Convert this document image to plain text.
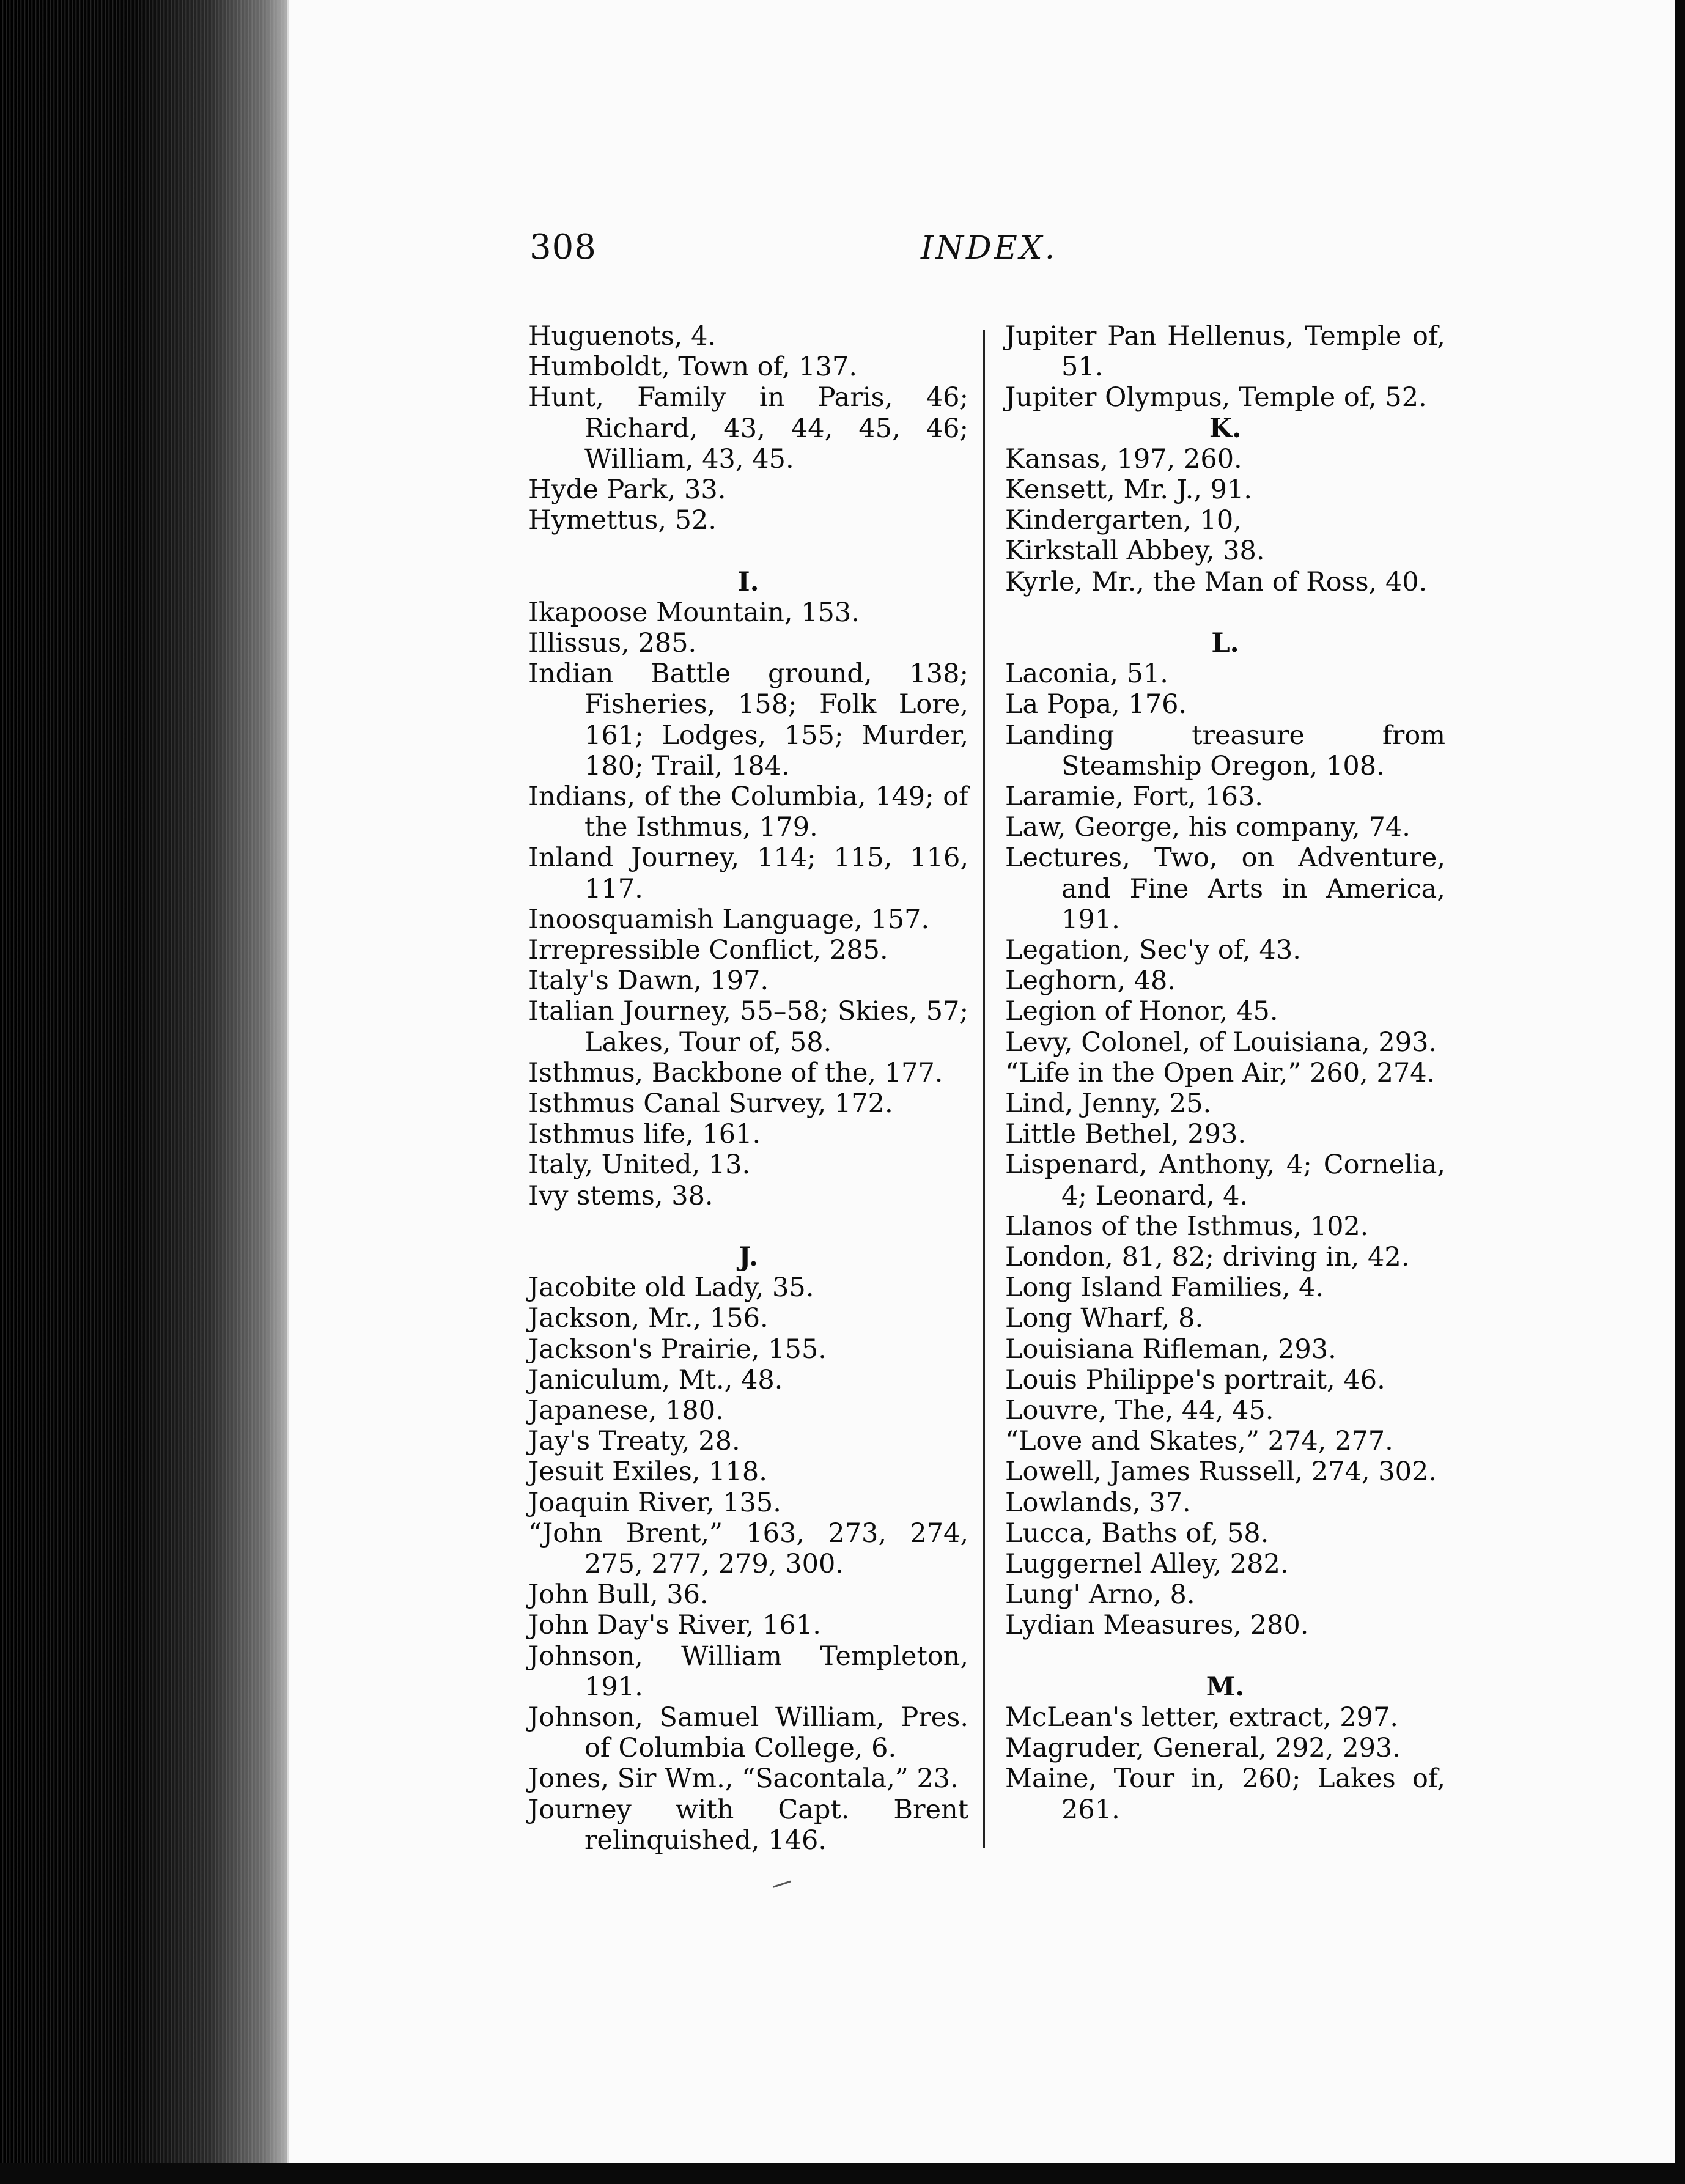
308	INDEX.

Huguenots, 4.

Humboldt, Town of, 137.

Hunt, Family in Paris, 46; Richard, 43, 44, 45, 46; William, 43, 45.

Hyde Park, 33.

Hymettus, 52.

I.

Ikapoose Mountain, 153.

Illissus, 285.

Indian Battle ground, 138; Fisheries, 158; Folk Lore, 161; Lodges, 155; Murder, 180; Trail, 184.

Indians, of the Columbia, 149; of the Isthmus, 179.

Inland Journey, 114; 115, 116, 117.

Inoosquamish Language, 157.

Irrepressible Conflict, 285.

Italy's Dawn, 197.

Italian Journey, 55–58; Skies, 57; Lakes, Tour of, 58.

Isthmus, Backbone of the, 177.

Isthmus Canal Survey, 172.

Isthmus life, 161.

Italy, United, 13.

Ivy stems, 38.

J.

Jacobite old Lady, 35.

Jackson, Mr., 156.

Jackson's Prairie, 155.

Janiculum, Mt., 48.

Japanese, 180.

Jay's Treaty, 28.

Jesuit Exiles, 118.

Joaquin River, 135.

“John Brent,” 163, 273, 274, 275, 277, 279, 300.

John Bull, 36.

John Day's River, 161.

Johnson, William Templeton, 191.

Johnson, Samuel William, Pres. of Columbia College, 6.

Jones, Sir Wm., “Sacontala,” 23.

Journey with Capt. Brent relinquished, 146.

Jupiter Pan Hellenus, Temple of, 51.

Jupiter Olympus, Temple of, 52.

K.

Kansas, 197, 260.

Kensett, Mr. J., 91.

Kindergarten, 10,

Kirkstall Abbey, 38.

Kyrle, Mr., the Man of Ross, 40.

L.

Laconia, 51.

La Popa, 176.

Landing treasure from Steamship Oregon, 108.

Laramie, Fort, 163.

Law, George, his company, 74.

Lectures, Two, on Adventure, and Fine Arts in America, 191.

Legation, Sec'y of, 43.

Leghorn, 48.

Legion of Honor, 45.

Levy, Colonel, of Louisiana, 293.

“Life in the Open Air,” 260, 274.

Lind, Jenny, 25.

Little Bethel, 293.

Lispenard, Anthony, 4; Cornelia, 4; Leonard, 4.

Llanos of the Isthmus, 102.

London, 81, 82; driving in, 42.

Long Island Families, 4.

Long Wharf, 8.

Louisiana Rifleman, 293.

Louis Philippe's portrait, 46.

Louvre, The, 44, 45.

“Love and Skates,” 274, 277.

Lowell, James Russell, 274, 302.

Lowlands, 37.

Lucca, Baths of, 58.

Luggernel Alley, 282.

Lung' Arno, 8.

Lydian Measures, 280.

M.

McLean's letter, extract, 297.

Magruder, General, 292, 293.

Maine, Tour in, 260; Lakes of, 261.
